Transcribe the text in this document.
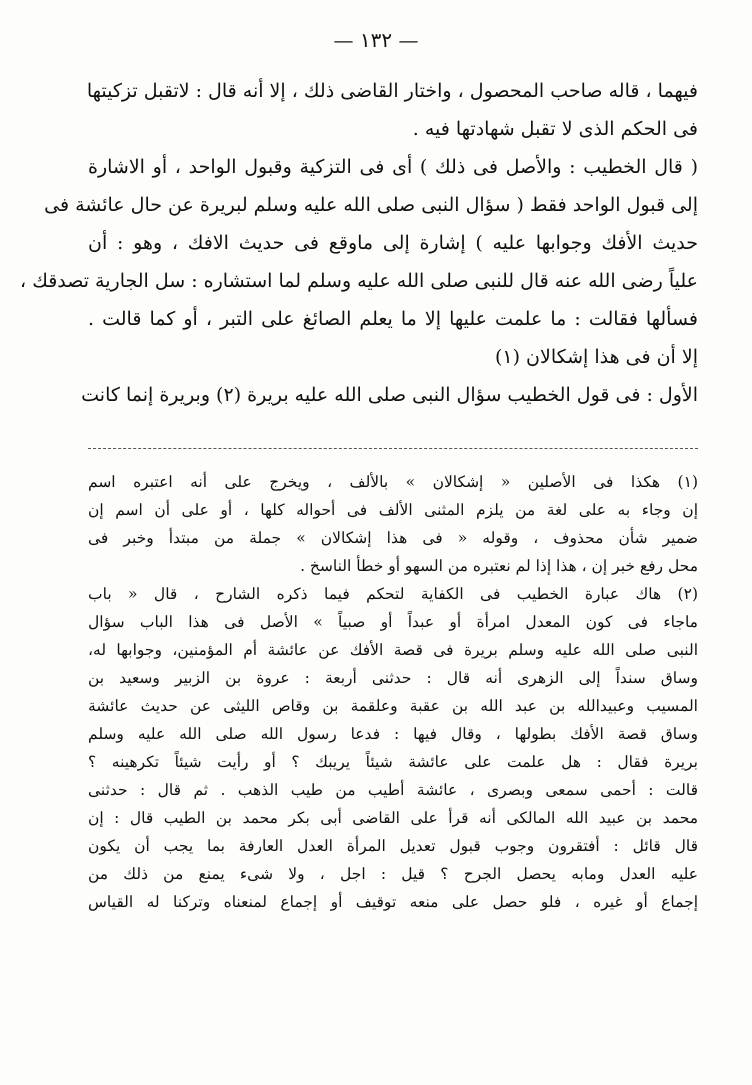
— ١٣٢ —
فيهما ، قاله صاحب المحصول ، واختار القاضى ذلك ، إلا أنه قال : لاتقبل تزكيتها
فى الحكم الذى لا تقبل شهادتها فيه .
( قال الخطيب : والأصل فى ذلك ) أى فى التزكية وقبول الواحد ، أو الاشارة
إلى قبول الواحد فقط ( سؤال النبى صلى الله عليه وسلم لبريرة عن حال عائشة فى
حديث الأفك وجوابها عليه ) إشارة إلى ماوقع فى حديث الافك ، وهو : أن
علياً رضى الله عنه قال للنبى صلى الله عليه وسلم لما استشاره : سل الجارية تصدقك ،
فسألها فقالت : ما علمت عليها إلا ما يعلم الصائغ على التبر ، أو كما قالت .
إلا أن فى هذا إشكالان (١)
الأول : فى قول الخطيب سؤال النبى صلى الله عليه بريرة (٢) وبريرة إنما كانت
(١) هكذا فى الأصلين « إشكالان » بالألف ، ويخرج على أنه اعتبره اسم
إن وجاء به على لغة من يلزم المثنى الألف فى أحواله كلها ، أو على أن اسم إن
ضمير شأن محذوف ، وقوله « فى هذا إشكالان » جملة من مبتدأ وخبر فى
محل رفع خبر إن ، هذا إذا لم نعتبره من السهو أو خطأ الناسخ .
(٢) هاك عبارة الخطيب فى الكفاية لتحكم فيما ذكره الشارح ، قال « باب
ماجاء فى كون المعدل امرأة أو عبداً أو صبياً » الأصل فى هذا الباب سؤال
النبى صلى الله عليه وسلم بريرة فى قصة الأفك عن عائشة أم المؤمنين، وجوابها له،
وساق سنداً إلى الزهرى أنه قال : حدثنى أربعة : عروة بن الزبير وسعيد بن
المسيب وعبيدالله بن عبد الله بن عقبة وعلقمة بن وقاص الليثى عن حديث عائشة
وساق قصة الأفك بطولها ، وقال فيها : فدعا رسول الله صلى الله عليه وسلم
بريرة فقال : هل علمت على عائشة شيئاً يريبك ؟ أو رأيت شيئاً تكرهينه ؟
قالت : أحمى سمعى وبصرى ، عائشة أطيب من طيب الذهب . ثم قال : حدثنى
محمد بن عبيد الله المالكى أنه قرأ على القاضى أبى بكر محمد بن الطيب قال : إن
قال قائل : أفتقرون وجوب قبول تعديل المرأة العدل العارفة بما يجب أن يكون
عليه العدل ومابه يحصل الجرح ؟ قيل : اجل ، ولا شىء يمنع من ذلك من
إجماع أو غيره ، فلو حصل على منعه توقيف أو إجماع لمنعناه وتركنا له القياس
